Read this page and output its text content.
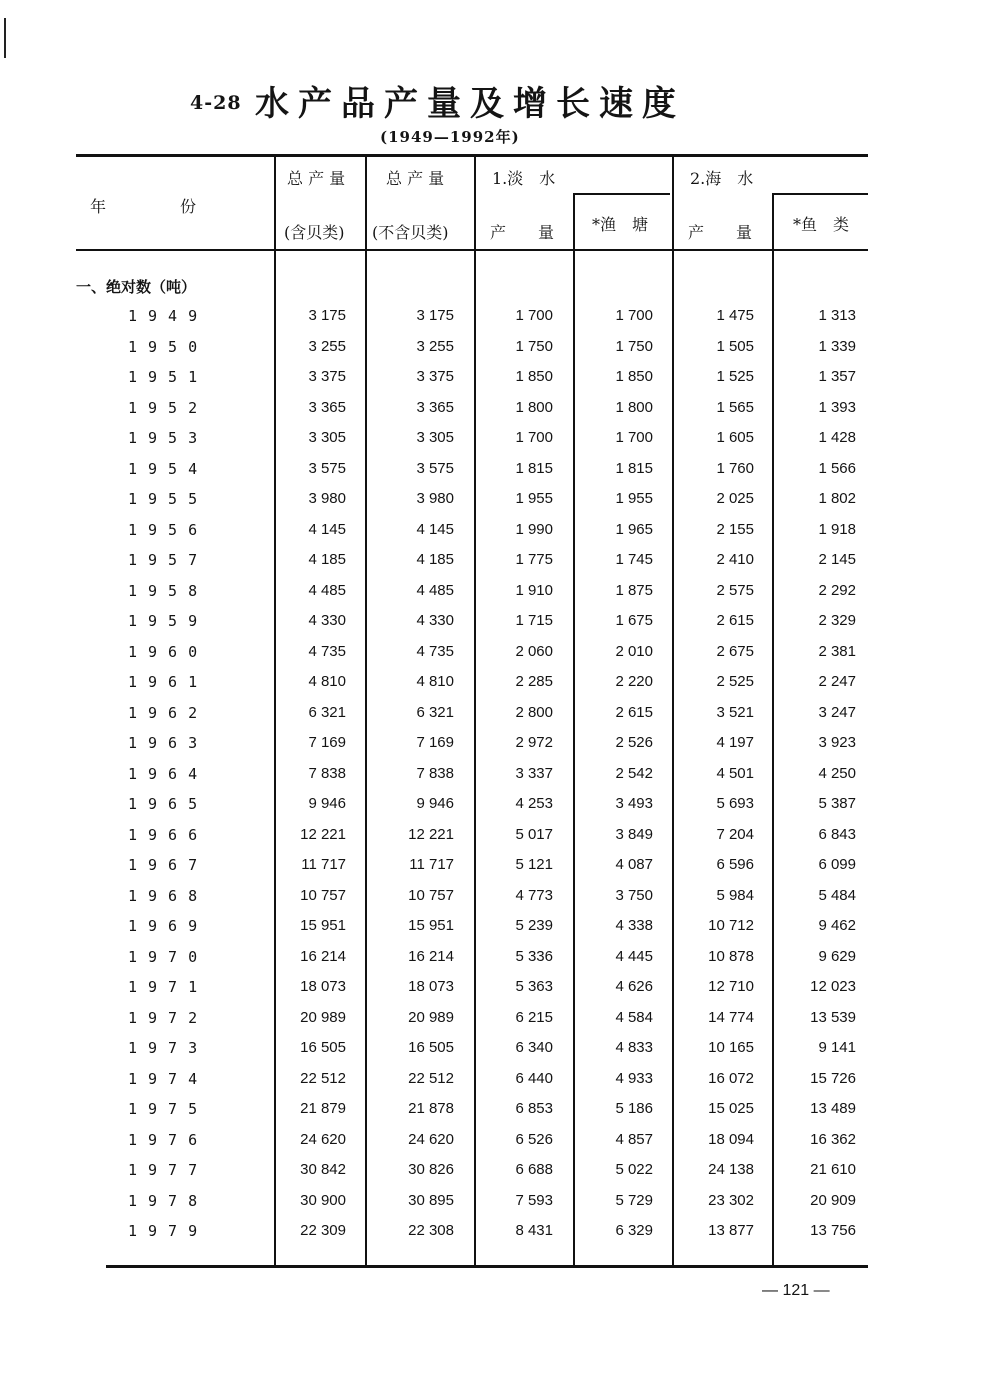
4-28 水产品产量及增长速度
(1949—1992年)
年　　　　份
总 产 量
(含贝类)
总 产 量
(不含贝类)
1.淡　水
产　　量 *渔　塘
2.海　水
产　　量	*鱼　类
一、绝对数（吨）
1949	3 175	3 175	1 700	1 700	1 475	1 313
1950	3 255	3 255	1 750	1 750	1 505	1 339
1951	3 375	3 375	1 850	1 850	1 525	1 357
1952	3 365	3 365	1 800	1 800	1 565	1 393
1953	3 305	3 305	1 700	1 700	1 605	1 428
1954	3 575	3 575	1 815	1 815	1 760	1 566
1955	3 980	3 980	1 955	1 955	2 025	1 802
1956	4 145	4 145	1 990	1 965	2 155	1 918
1957	4 185	4 185	1 775	1 745	2 410	2 145
1958	4 485	4 485	1 910	1 875	2 575	2 292
1959	4 330	4 330	1 715	1 675	2 615	2 329
1960	4 735	4 735	2 060	2 010	2 675	2 381
1961	4 810	4 810	2 285	2 220	2 525	2 247
1962	6 321	6 321	2 800	2 615	3 521	3 247
1963	7 169	7 169	2 972	2 526	4 197	3 923
1964	7 838	7 838	3 337	2 542	4 501	4 250
1965	9 946	9 946	4 253	3 493	5 693	5 387
1966	12 221	12 221	5 017	3 849	7 204	6 843
1967	11 717	11 717	5 121	4 087	6 596	6 099
1968	10 757	10 757	4 773	3 750	5 984	5 484
1969	15 951	15 951	5 239	4 338	10 712	9 462
1970	16 214	16 214	5 336	4 445	10 878	9 629
1971	18 073	18 073	5 363	4 626	12 710	12 023
1972	20 989	20 989	6 215	4 584	14 774	13 539
1973	16 505	16 505	6 340	4 833	10 165	9 141
1974	22 512	22 512	6 440	4 933	16 072	15 726
1975	21 879	21 878	6 853	5 186	15 025	13 489
1976	24 620	24 620	6 526	4 857	18 094	16 362
1977	30 842	30 826	6 688	5 022	24 138	21 610
1978	30 900	30 895	7 593	5 729	23 302	20 909
1979	22 309	22 308	8 431	6 329	13 877	13 756
— 121 —
